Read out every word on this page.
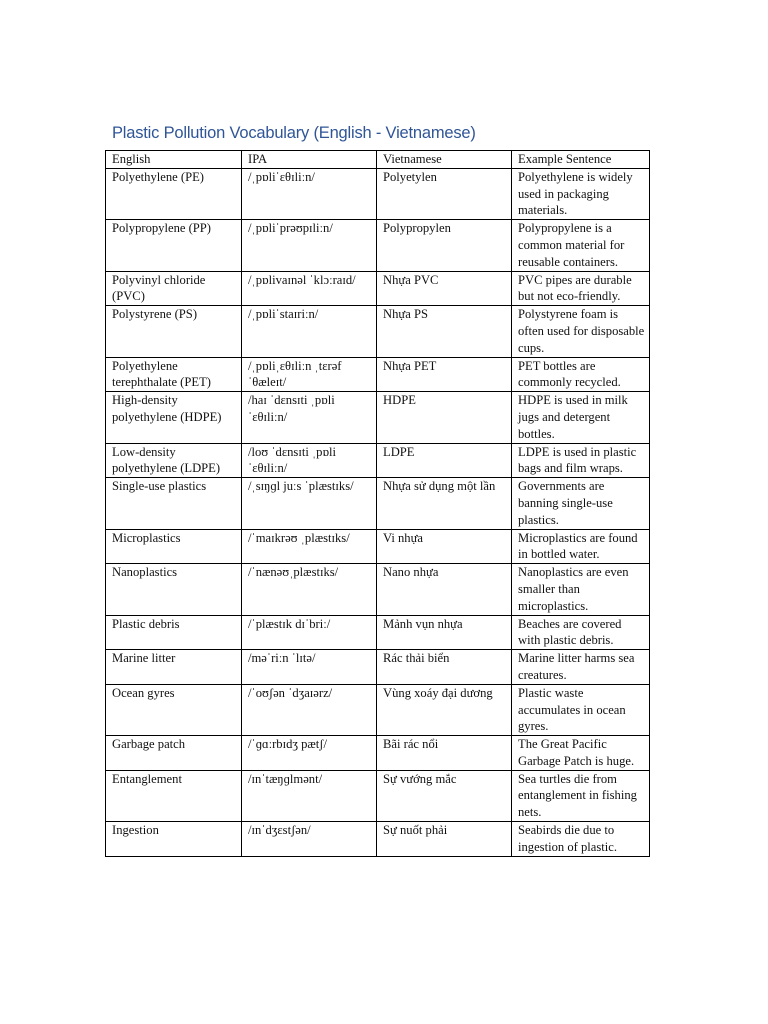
Plastic Pollution Vocabulary (English - Vietnamese)
English	IPA	Vietnamese	Example Sentence
Polyethylene (PE)	/ˌpɒliˈɛθɪliːn/	Polyetylen	Polyethylene is widely used in packaging materials.
Polypropylene (PP)	/ˌpɒliˈprəʊpɪliːn/	Polypropylen	Polypropylene is a common material for reusable containers.
Polyvinyl chloride (PVC)	/ˌpɒlivaɪnəl ˈklɔːraɪd/	Nhựa PVC	PVC pipes are durable but not eco-friendly.
Polystyrene (PS)	/ˌpɒliˈstaɪriːn/	Nhựa PS	Polystyrene foam is often used for disposable cups.
Polyethylene terephthalate (PET)	/ˌpɒliˌɛθɪliːn ˌtɛrəf ˈθæleɪt/	Nhựa PET	PET bottles are commonly recycled.
High-density polyethylene (HDPE)	/haɪ ˈdɛnsɪti ˌpɒli ˈɛθɪliːn/	HDPE	HDPE is used in milk jugs and detergent bottles.
Low-density polyethylene (LDPE)	/loʊ ˈdɛnsɪti ˌpɒli ˈɛθɪliːn/	LDPE	LDPE is used in plastic bags and film wraps.
Single-use plastics	/ˌsɪŋɡl juːs ˈplæstɪks/	Nhựa sử dụng một lần	Governments are banning single-use plastics.
Microplastics	/ˈmaɪkrəʊ ˌplæstɪks/	Vi nhựa	Microplastics are found in bottled water.
Nanoplastics	/ˈnænəʊˌplæstɪks/	Nano nhựa	Nanoplastics are even smaller than microplastics.
Plastic debris	/ˈplæstɪk dɪˈbriː/	Mảnh vụn nhựa	Beaches are covered with plastic debris.
Marine litter	/məˈriːn ˈlɪtə/	Rác thải biển	Marine litter harms sea creatures.
Ocean gyres	/ˈoʊʃən ˈdʒaɪərz/	Vùng xoáy đại dương	Plastic waste accumulates in ocean gyres.
Garbage patch	/ˈɡɑːrbɪdʒ pætʃ/	Bãi rác nổi	The Great Pacific Garbage Patch is huge.
Entanglement	/ɪnˈtæŋɡlmənt/	Sự vướng mắc	Sea turtles die from entanglement in fishing nets.
Ingestion	/ɪnˈdʒɛstʃən/	Sự nuốt phải	Seabirds die due to ingestion of plastic.
